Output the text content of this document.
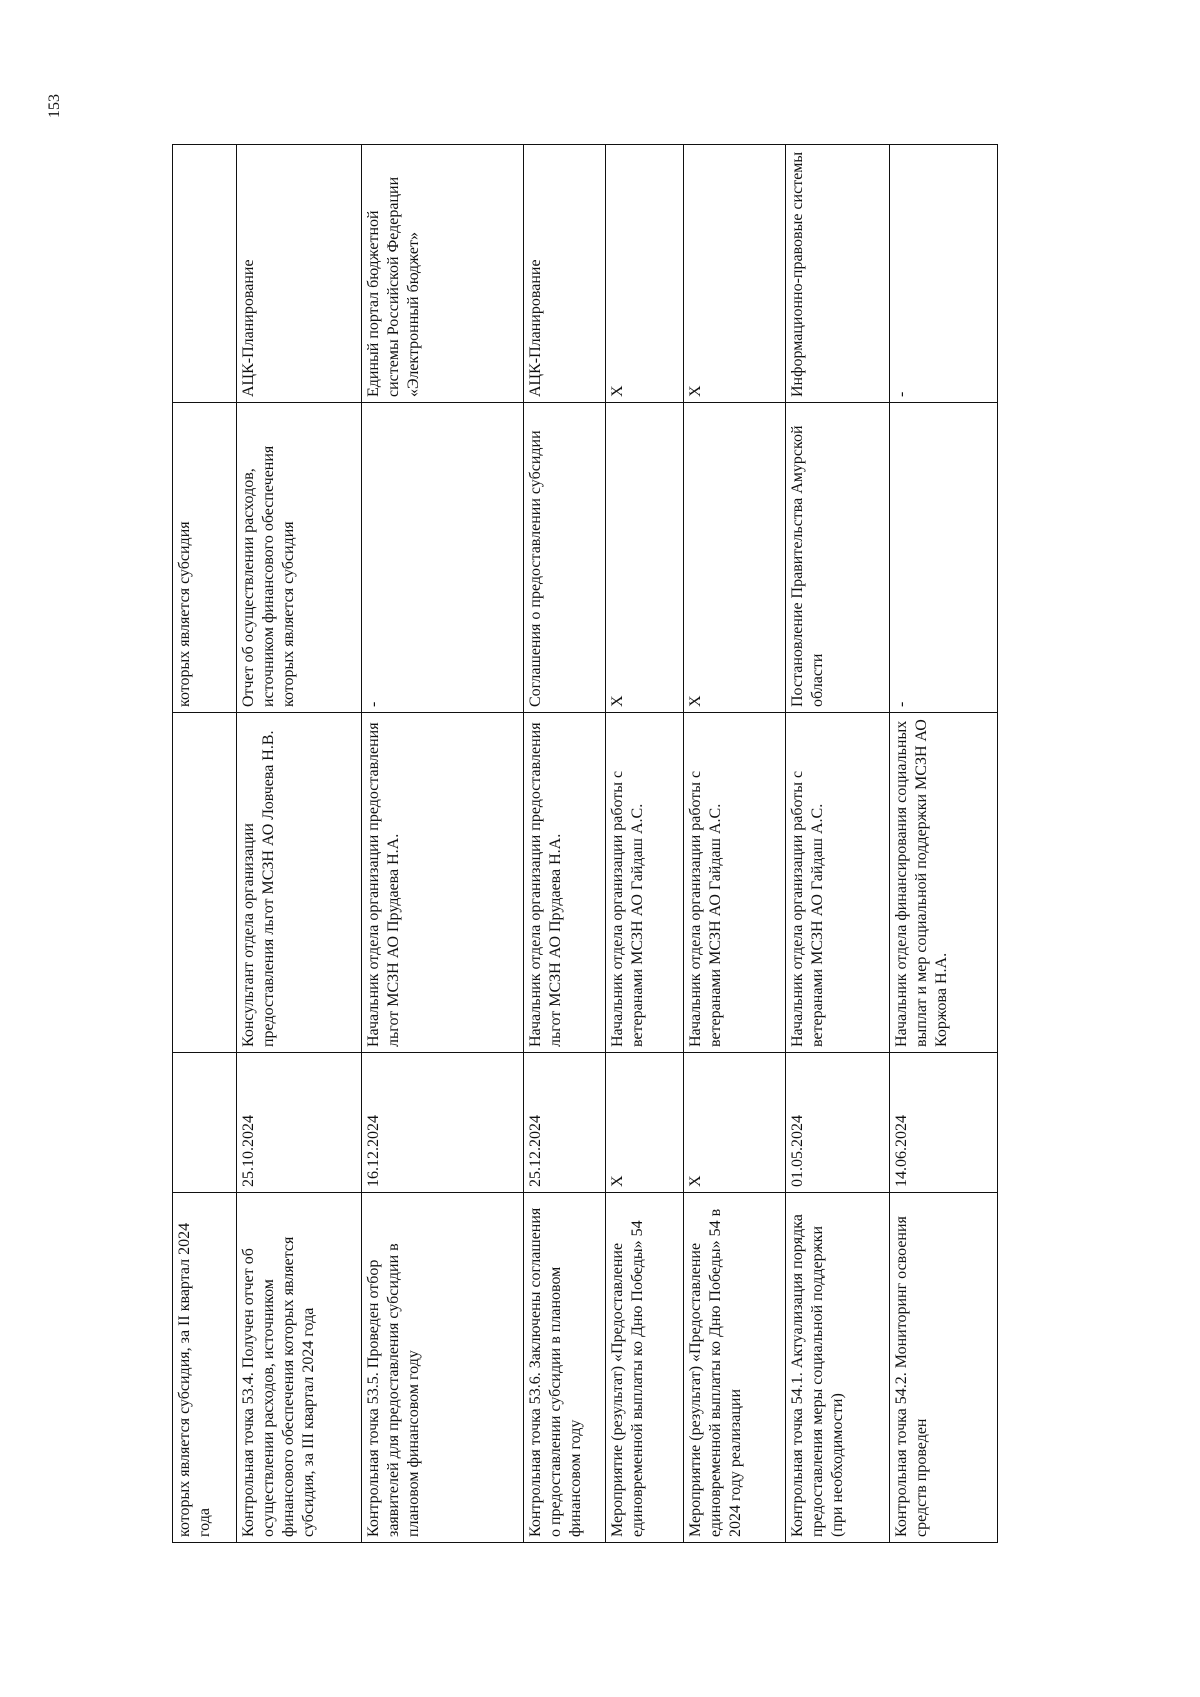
153
которых является субсидия, за II квартал 2024 года			которых является субсидия	
Контрольная точка 53.4. Получен отчет об осуществлении расходов, источником финансового обеспечения которых является субсидия, за III квартал 2024 года	25.10.2024	Консультант отдела организации предоставления льгот МСЗН АО Ловчева Н.В.	Отчет об осуществлении расходов, источником финансового обеспечения которых является субсидия	АЦК-Планирование
Контрольная точка 53.5. Проведен отбор заявителей для предоставления субсидии в плановом финансовом году	16.12.2024	Начальник отдела организации предоставления льгот МСЗН АО Прудаева Н.А.	-	Единый портал бюджетной системы Российской Федерации «Электронный бюджет»
Контрольная точка 53.6. Заключены соглашения о предоставлении субсидии в плановом финансовом году	25.12.2024	Начальник отдела организации предоставления льгот МСЗН АО Прудаева Н.А.	Соглашения о предоставлении субсидии	АЦК-Планирование
Мероприятие (результат) «Предоставление единовременной выплаты ко Дню Победы» 54	Х	Начальник отдела организации работы с ветеранами МСЗН АО Гайдаш А.С.	Х	Х
Мероприятие (результат) «Предоставление единовременной выплаты ко Дню Победы» 54 в 2024 году реализации	Х	Начальник отдела организации работы с ветеранами МСЗН АО Гайдаш А.С.	Х	Х
Контрольная точка 54.1. Актуализация порядка предоставления меры социальной поддержки (при необходимости)	01.05.2024	Начальник отдела организации работы с ветеранами МСЗН АО Гайдаш А.С.	Постановление Правительства Амурской области	Информационно-правовые системы
Контрольная точка 54.2. Мониторинг освоения средств проведен	14.06.2024	Начальник отдела финансирования социальных выплат и мер социальной поддержки МСЗН АО Коржова Н.А.	-	-
